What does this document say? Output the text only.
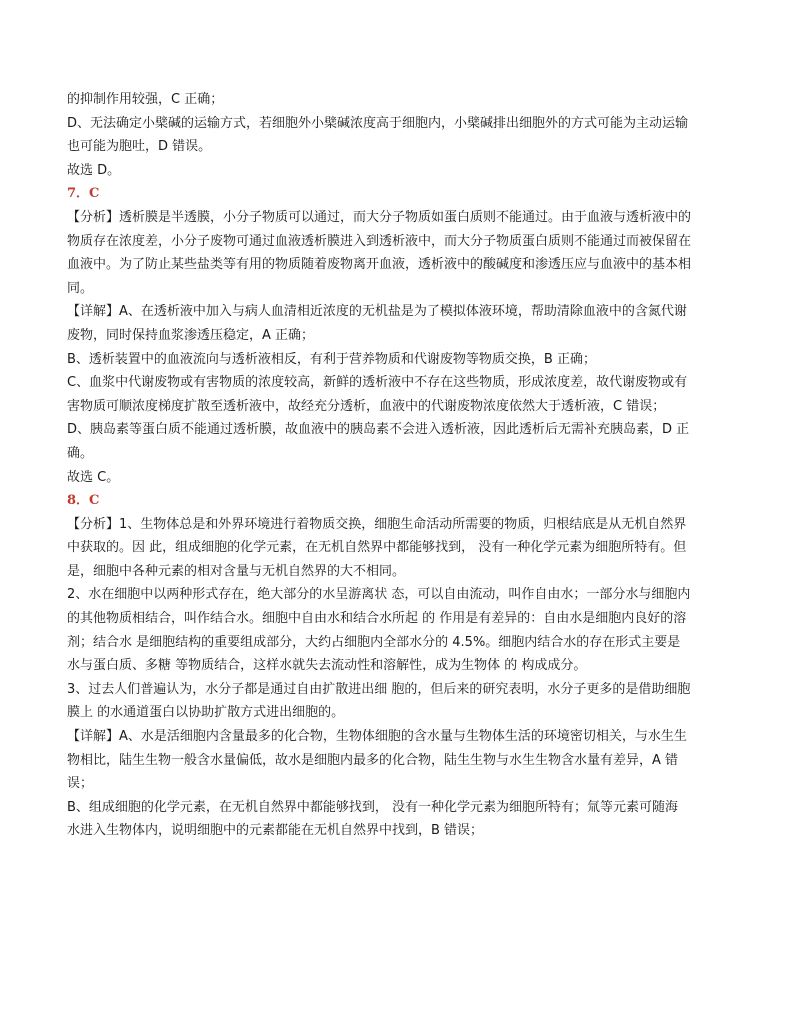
的抑制作用较强，C 正确；
D、无法确定小檗碱的运输方式，若细胞外小檗碱浓度高于细胞内，小檗碱排出细胞外的方式可能为主动运输
也可能为胞吐，D 错误。
故选 D。
7．C
【分析】透析膜是半透膜，小分子物质可以通过，而大分子物质如蛋白质则不能通过。由于血液与透析液中的
物质存在浓度差，小分子废物可通过血液透析膜进入到透析液中，而大分子物质蛋白质则不能通过而被保留在
血液中。为了防止某些盐类等有用的物质随着废物离开血液，透析液中的酸碱度和渗透压应与血液中的基本相
同。
【详解】A、在透析液中加入与病人血清相近浓度的无机盐是为了模拟体液环境，帮助清除血液中的含氮代谢
废物，同时保持血浆渗透压稳定，A 正确；
B、透析装置中的血液流向与透析液相反，有利于营养物质和代谢废物等物质交换，B 正确；
C、血浆中代谢废物或有害物质的浓度较高，新鲜的透析液中不存在这些物质，形成浓度差，故代谢废物或有
害物质可顺浓度梯度扩散至透析液中，故经充分透析，血液中的代谢废物浓度依然大于透析液，C 错误；
D、胰岛素等蛋白质不能通过透析膜，故血液中的胰岛素不会进入透析液，因此透析后无需补充胰岛素，D 正
确。
故选 C。
8．C
【分析】1、生物体总是和外界环境进行着物质交换，细胞生命活动所需要的物质，归根结底是从无机自然界
中获取的。因 此，组成细胞的化学元素，在无机自然界中都能够找到， 没有一种化学元素为细胞所特有。但
是，细胞中各种元素的相对含量与无机自然界的大不相同。
2、水在细胞中以两种形式存在，绝大部分的水呈游离状 态，可以自由流动，叫作自由水；一部分水与细胞内
的其他物质相结合，叫作结合水。细胞中自由水和结合水所起 的 作用是有差异的：自由水是细胞内良好的溶
剂；结合水 是细胞结构的重要组成部分，大约占细胞内全部水分的 4.5%。细胞内结合水的存在形式主要是
水与蛋白质、多糖 等物质结合，这样水就失去流动性和溶解性，成为生物体 的 构成成分。
3、过去人们普遍认为，水分子都是通过自由扩散进出细 胞的，但后来的研究表明，水分子更多的是借助细胞
膜上 的水通道蛋白以协助扩散方式进出细胞的。
【详解】A、水是活细胞内含量最多的化合物，生物体细胞的含水量与生物体生活的环境密切相关，与水生生
物相比，陆生生物一般含水量偏低，故水是细胞内最多的化合物，陆生生物与水生生物含水量有差异，A 错
误；
B、组成细胞的化学元素，在无机自然界中都能够找到， 没有一种化学元素为细胞所特有；氚等元素可随海
水进入生物体内，说明细胞中的元素都能在无机自然界中找到，B 错误；
